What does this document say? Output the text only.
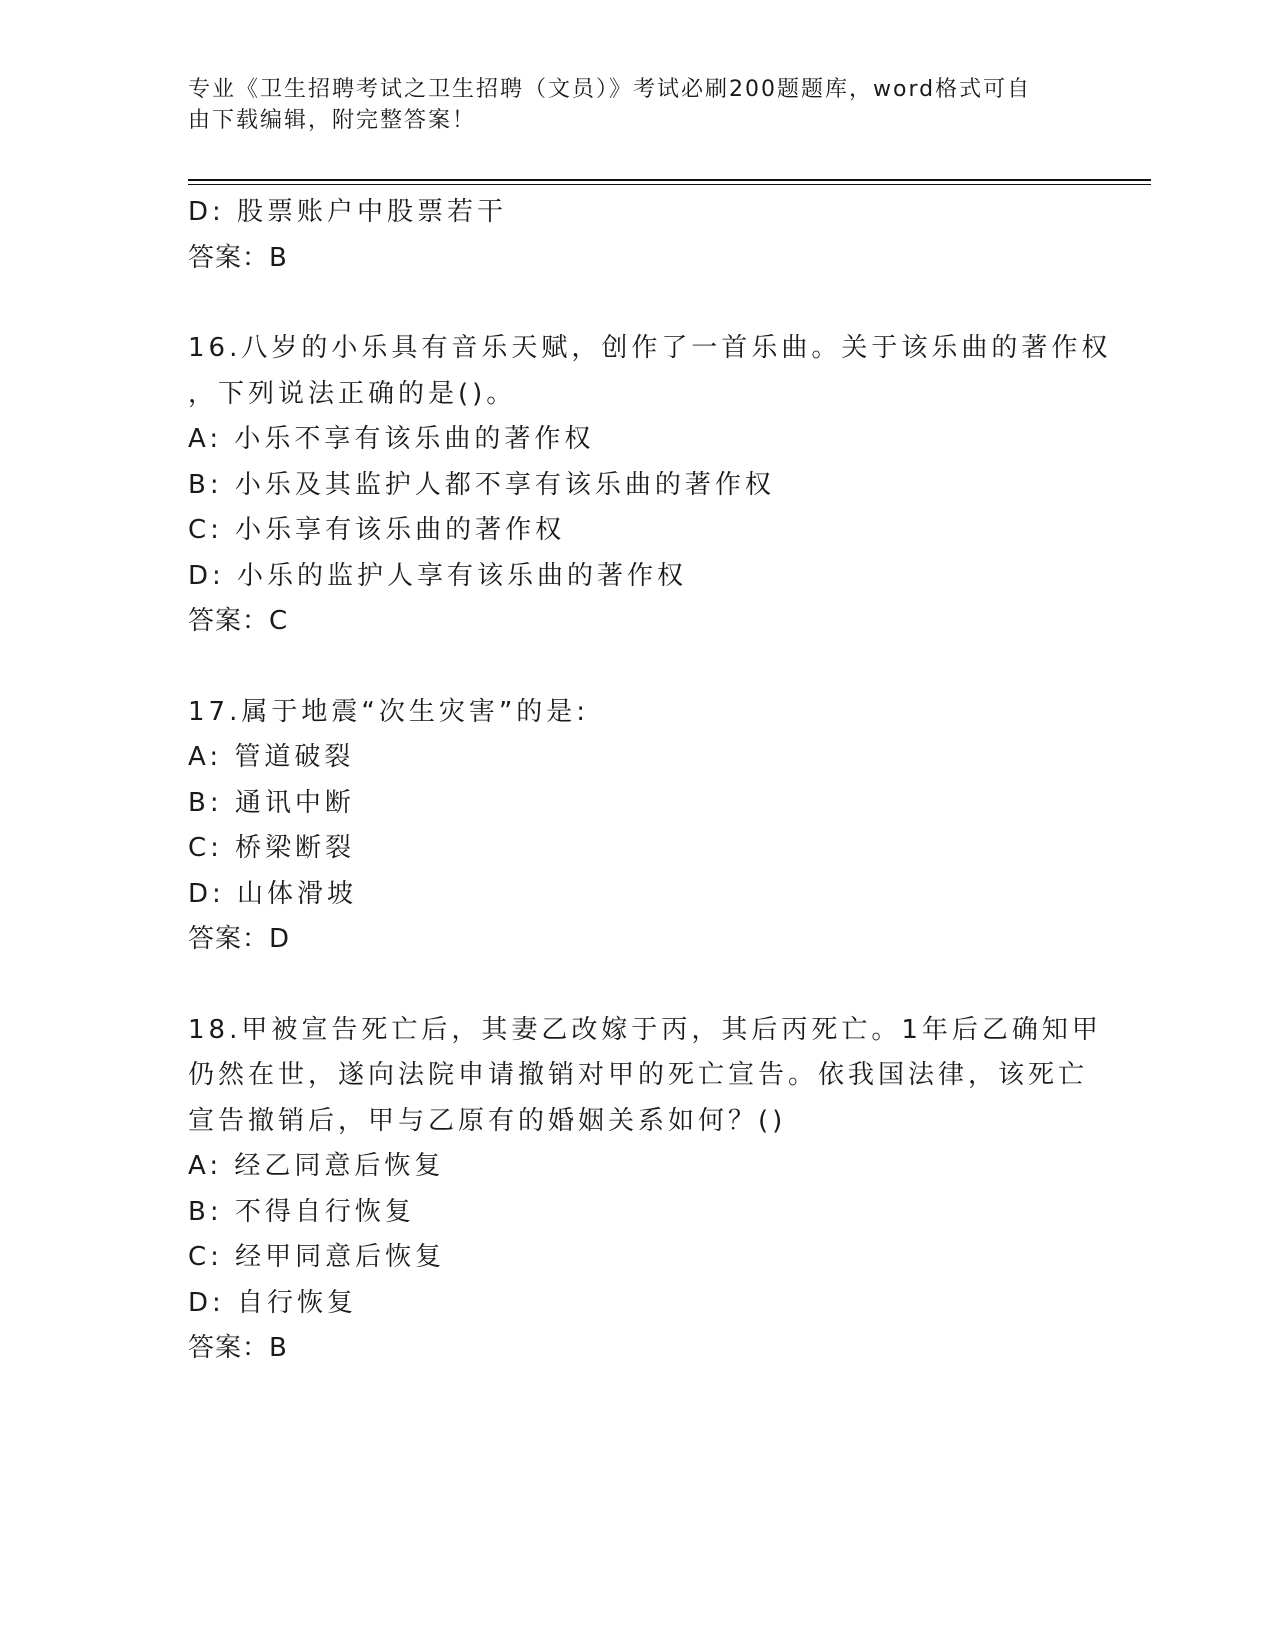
专业《卫生招聘考试之卫生招聘（文员）》考试必刷200题题库，word格式可自
由下载编辑，附完整答案！
D: 股票账户中股票若干
答案：B
16.八岁的小乐具有音乐天赋，创作了一首乐曲。关于该乐曲的著作权
，下列说法正确的是()。
A: 小乐不享有该乐曲的著作权
B: 小乐及其监护人都不享有该乐曲的著作权
C: 小乐享有该乐曲的著作权
D: 小乐的监护人享有该乐曲的著作权
答案：C
17.属于地震“次生灾害”的是:
A: 管道破裂
B: 通讯中断
C: 桥梁断裂
D: 山体滑坡
答案：D
18.甲被宣告死亡后，其妻乙改嫁于丙，其后丙死亡。1年后乙确知甲
仍然在世，遂向法院申请撤销对甲的死亡宣告。依我国法律，该死亡
宣告撤销后，甲与乙原有的婚姻关系如何？()
A: 经乙同意后恢复
B: 不得自行恢复
C: 经甲同意后恢复
D: 自行恢复
答案：B
